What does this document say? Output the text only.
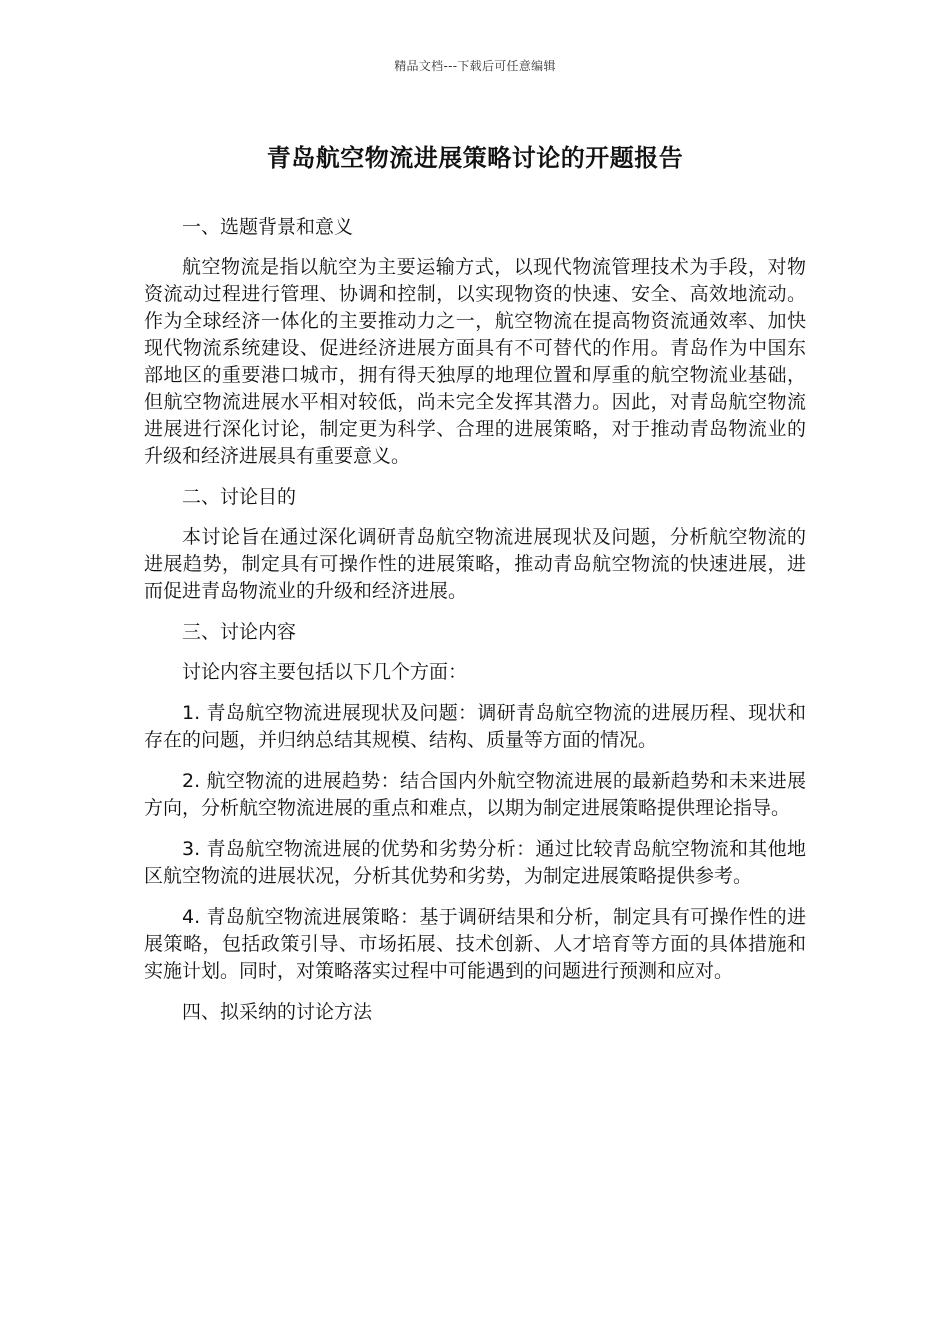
精品文档---下载后可任意编辑
青岛航空物流进展策略讨论的开题报告
一、选题背景和意义

航空物流是指以航空为主要运输方式，以现代物流管理技术为手段，对物资流动过程进行管理、协调和控制，以实现物资的快速、安全、高效地流动。作为全球经济一体化的主要推动力之一，航空物流在提高物资流通效率、加快现代物流系统建设、促进经济进展方面具有不可替代的作用。青岛作为中国东部地区的重要港口城市，拥有得天独厚的地理位置和厚重的航空物流业基础，但航空物流进展水平相对较低，尚未完全发挥其潜力。因此，对青岛航空物流进展进行深化讨论，制定更为科学、合理的进展策略，对于推动青岛物流业的升级和经济进展具有重要意义。

二、讨论目的

本讨论旨在通过深化调研青岛航空物流进展现状及问题，分析航空物流的进展趋势，制定具有可操作性的进展策略，推动青岛航空物流的快速进展，进而促进青岛物流业的升级和经济进展。

三、讨论内容

讨论内容主要包括以下几个方面：

1. 青岛航空物流进展现状及问题：调研青岛航空物流的进展历程、现状和存在的问题，并归纳总结其规模、结构、质量等方面的情况。

2. 航空物流的进展趋势：结合国内外航空物流进展的最新趋势和未来进展方向，分析航空物流进展的重点和难点，以期为制定进展策略提供理论指导。

3. 青岛航空物流进展的优势和劣势分析：通过比较青岛航空物流和其他地区航空物流的进展状况，分析其优势和劣势，为制定进展策略提供参考。

4. 青岛航空物流进展策略：基于调研结果和分析，制定具有可操作性的进展策略，包括政策引导、市场拓展、技术创新、人才培育等方面的具体措施和实施计划。同时，对策略落实过程中可能遇到的问题进行预测和应对。

四、拟采纳的讨论方法
